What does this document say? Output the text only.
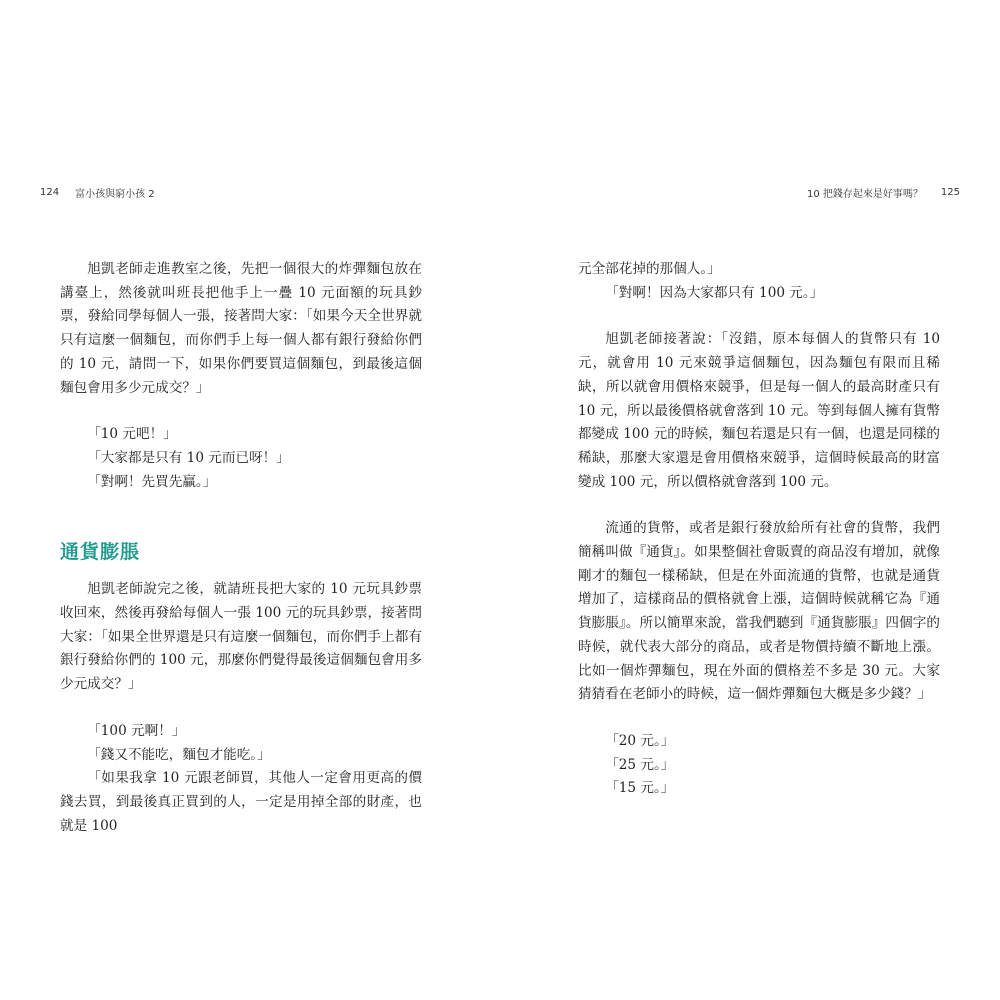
124 富小孩與窮小孩 2	10 把錢存起來是好事嗎？ 125

旭凱老師走進教室之後，先把一個很大的炸彈麵包放在講臺上，然後就叫班長把他手上一疊 10 元面額的玩具鈔票，發給同學每個人一張，接著問大家：「如果今天全世界就只有這麼一個麵包，而你們手上每一個人都有銀行發給你們的 10 元，請問一下，如果你們要買這個麵包，到最後這個麵包會用多少元成交？」

「10 元吧！」

「大家都是只有 10 元而已呀！」

「對啊！先買先贏。」

通貨膨脹

旭凱老師說完之後，就請班長把大家的 10 元玩具鈔票收回來，然後再發給每個人一張 100 元的玩具鈔票，接著問大家：「如果全世界還是只有這麼一個麵包，而你們手上都有銀行發給你們的 100 元，那麼你們覺得最後這個麵包會用多少元成交？」

「100 元啊！」

「錢又不能吃，麵包才能吃。」

「如果我拿 10 元跟老師買，其他人一定會用更高的價錢去買，到最後真正買到的人，一定是用掉全部的財產，也就是 100

元全部花掉的那個人。」

「對啊！因為大家都只有 100 元。」

旭凱老師接著說：「沒錯，原本每個人的貨幣只有 10 元，就會用 10 元來競爭這個麵包，因為麵包有限而且稀缺，所以就會用價格來競爭，但是每一個人的最高財產只有 10 元，所以最後價格就會落到 10 元。等到每個人擁有貨幣都變成 100 元的時候，麵包若還是只有一個，也還是同樣的稀缺，那麼大家還是會用價格來競爭，這個時候最高的財富變成 100 元，所以價格就會落到 100 元。

流通的貨幣，或者是銀行發放給所有社會的貨幣，我們簡稱叫做『通貨』。如果整個社會販賣的商品沒有增加，就像剛才的麵包一樣稀缺，但是在外面流通的貨幣，也就是通貨增加了，這樣商品的價格就會上漲，這個時候就稱它為『通貨膨脹』。所以簡單來說，當我們聽到『通貨膨脹』四個字的時候，就代表大部分的商品，或者是物價持續不斷地上漲。比如一個炸彈麵包，現在外面的價格差不多是 30 元。大家猜猜看在老師小的時候，這一個炸彈麵包大概是多少錢？」

「20 元。」

「25 元。」

「15 元。」
